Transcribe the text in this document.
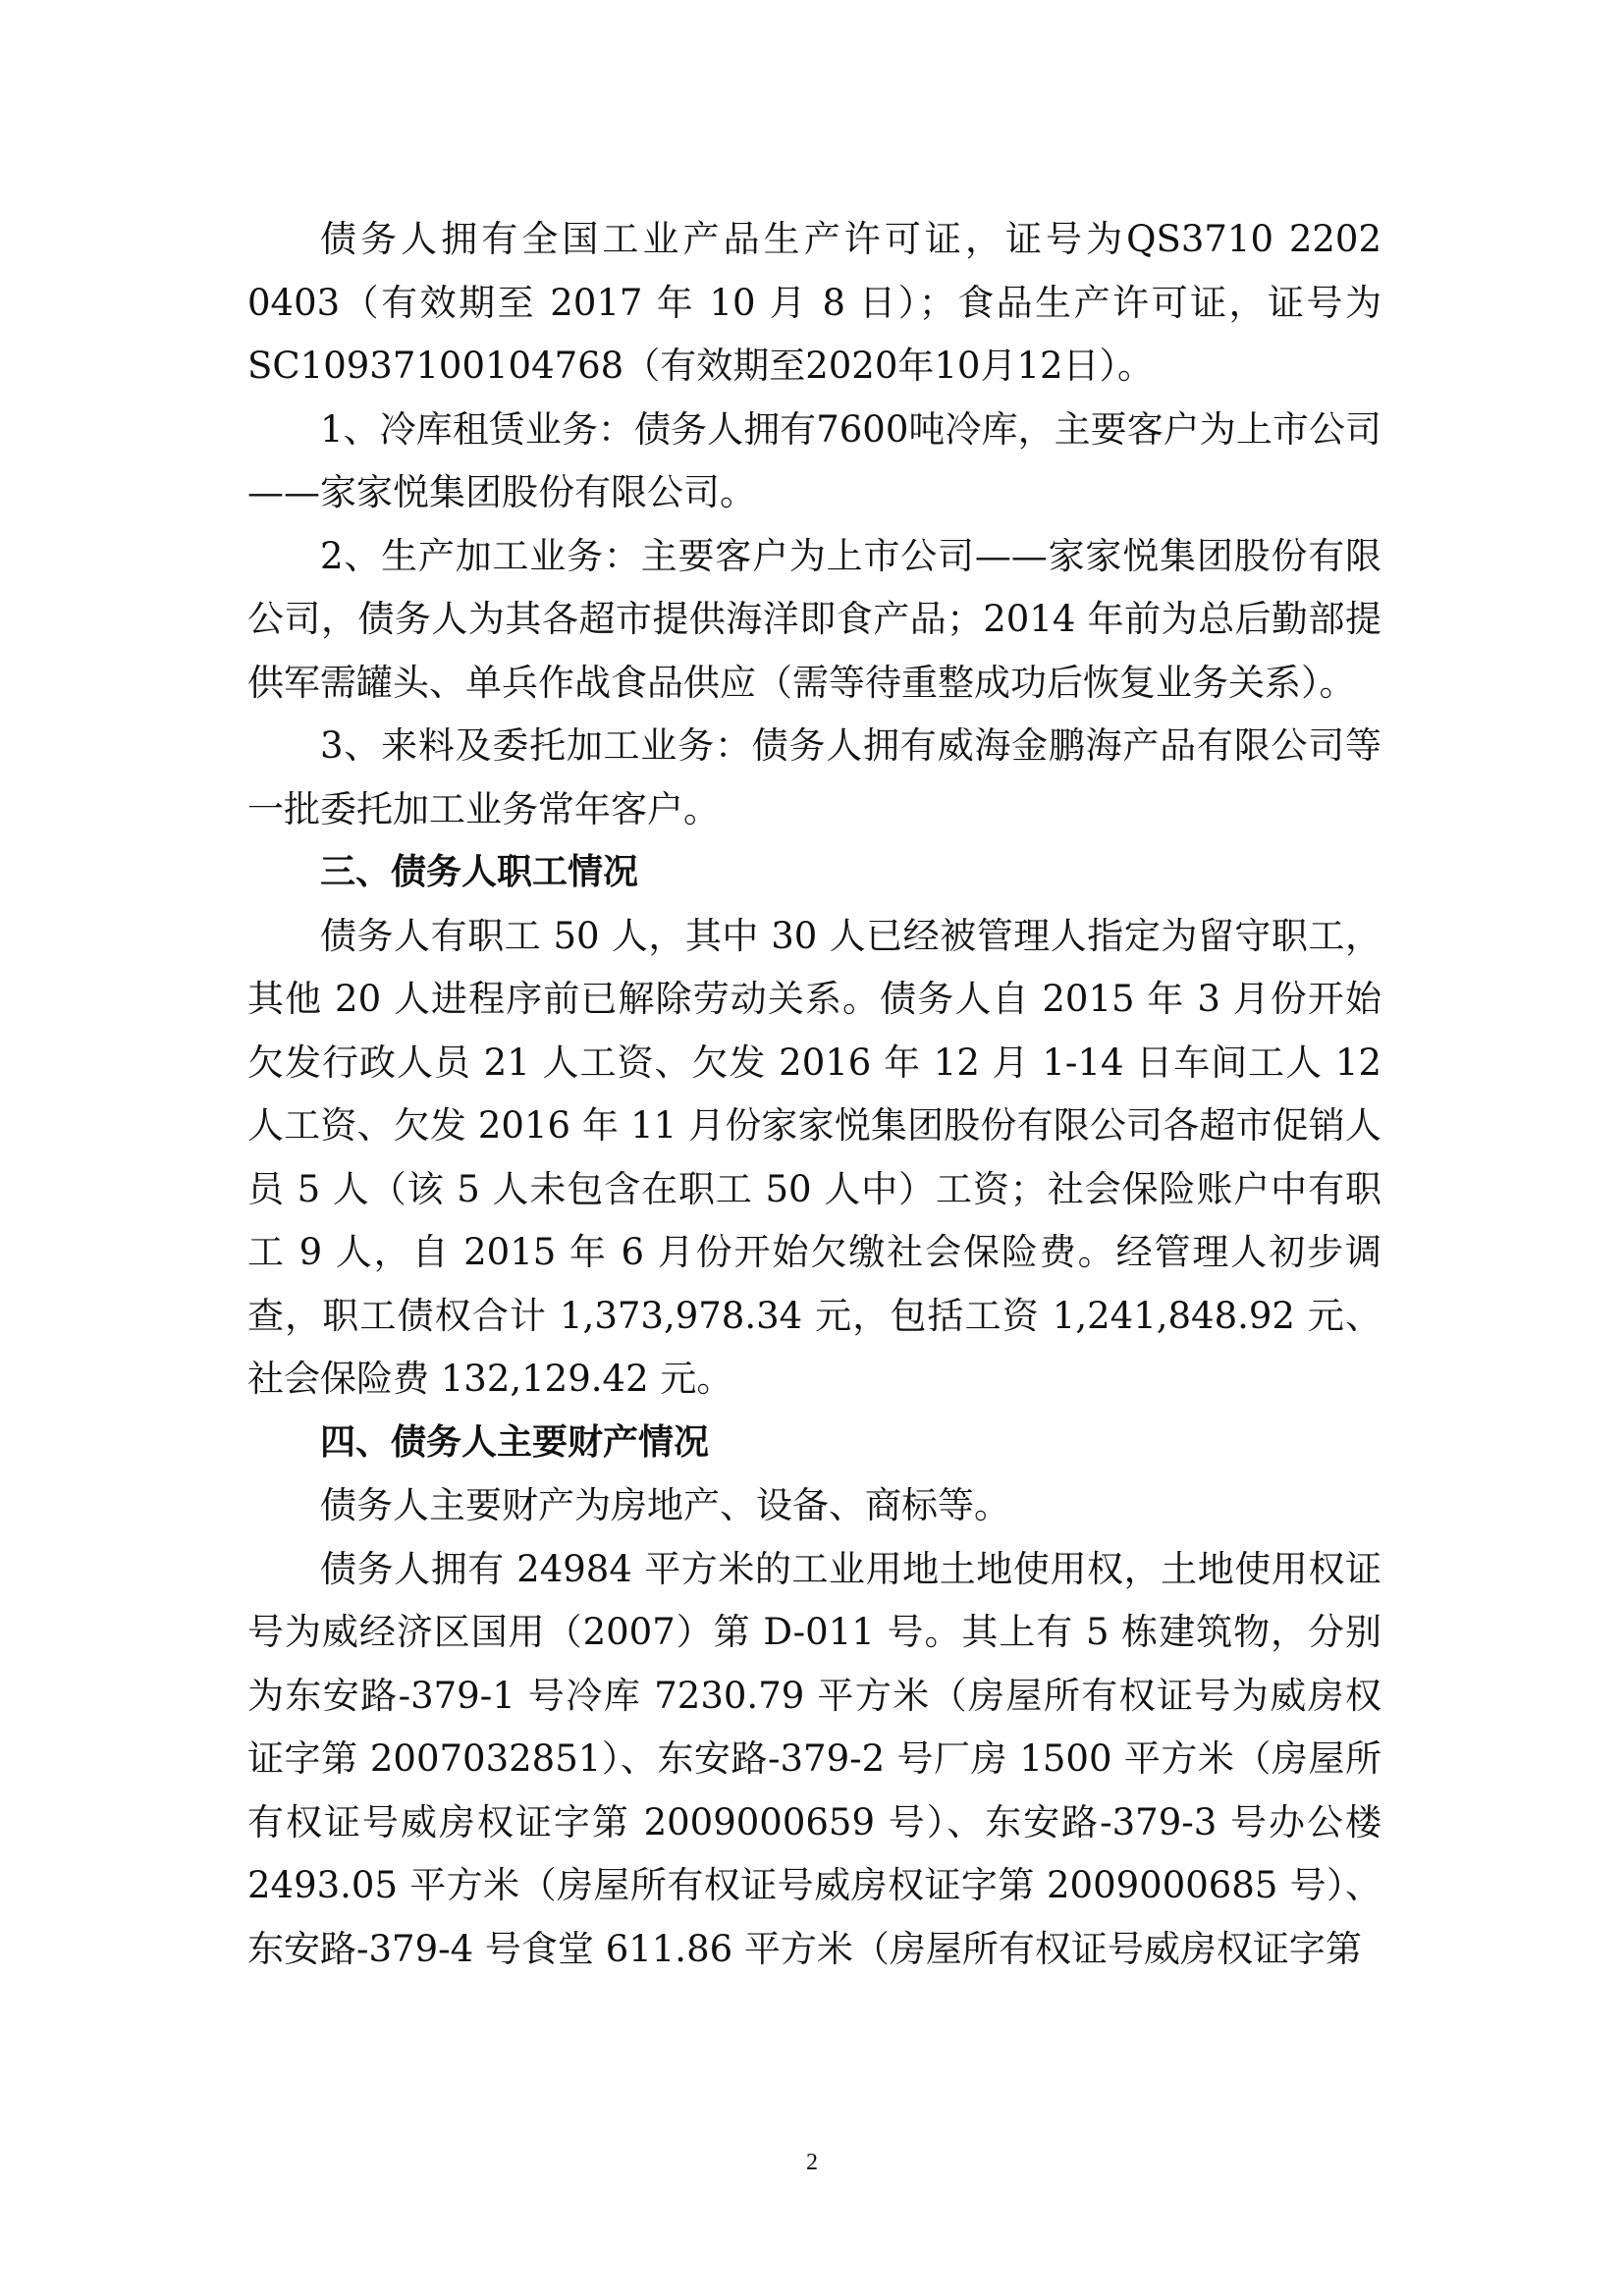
债务人拥有全国工业产品生产许可证，证号为QS3710 2202 0403（有效期至 2017 年 10 月 8 日）；食品生产许可证，证号为SC10937100104768（有效期至2020年10月12日）。

1、冷库租赁业务：债务人拥有7600吨冷库，主要客户为上市公司——家家悦集团股份有限公司。

2、生产加工业务：主要客户为上市公司——家家悦集团股份有限公司，债务人为其各超市提供海洋即食产品；2014 年前为总后勤部提供军需罐头、单兵作战食品供应（需等待重整成功后恢复业务关系）。

3、来料及委托加工业务：债务人拥有威海金鹏海产品有限公司等一批委托加工业务常年客户。

三、债务人职工情况

债务人有职工 50 人，其中 30 人已经被管理人指定为留守职工，其他 20 人进程序前已解除劳动关系。债务人自 2015 年 3 月份开始欠发行政人员 21 人工资、欠发 2016 年 12 月 1-14 日车间工人 12 人工资、欠发 2016 年 11 月份家家悦集团股份有限公司各超市促销人员 5 人（该 5 人未包含在职工 50 人中）工资；社会保险账户中有职工 9 人，自 2015 年 6 月份开始欠缴社会保险费。经管理人初步调查，职工债权合计 1,373,978.34 元，包括工资 1,241,848.92 元、社会保险费 132,129.42 元。

四、债务人主要财产情况

债务人主要财产为房地产、设备、商标等。

债务人拥有 24984 平方米的工业用地土地使用权，土地使用权证号为威经济区国用（2007）第 D-011 号。其上有 5 栋建筑物，分别为东安路-379-1 号冷库 7230.79 平方米（房屋所有权证号为威房权证字第 2007032851）、东安路-379-2 号厂房 1500 平方米（房屋所有权证号威房权证字第 2009000659 号）、东安路-379-3 号办公楼 2493.05 平方米（房屋所有权证号威房权证字第 2009000685 号）、东安路-379-4 号食堂 611.86 平方米（房屋所有权证号威房权证字第

2
